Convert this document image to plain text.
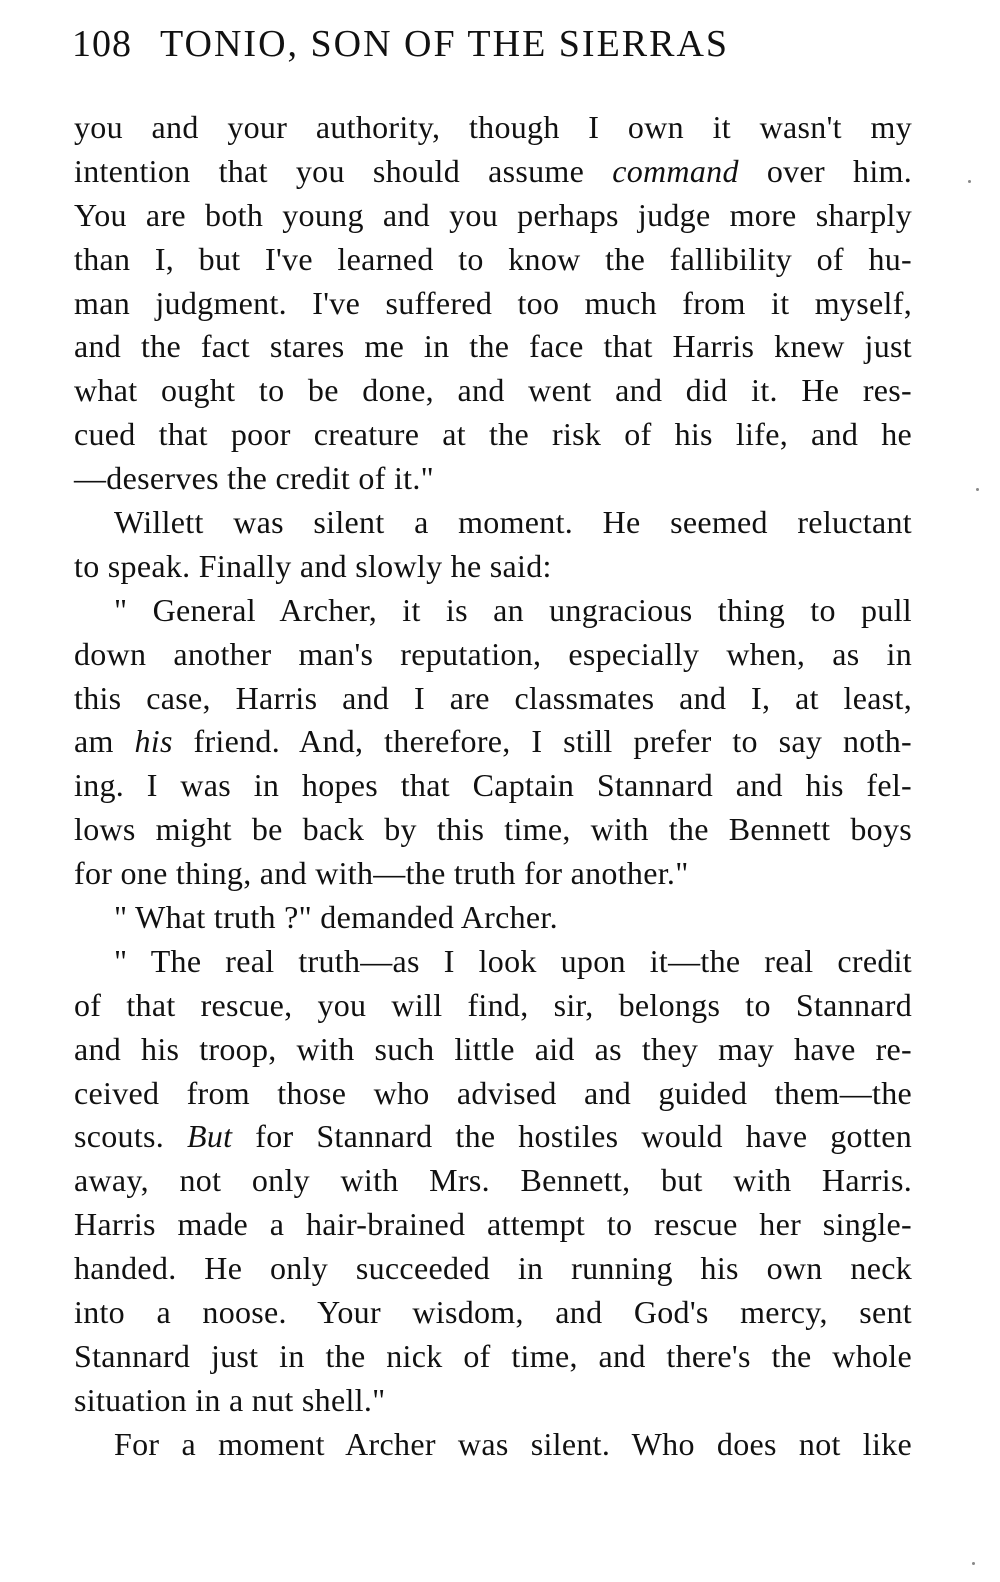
108 TONIO, SON OF THE SIERRAS
you and your authority, though I own it wasn't my
intention that you should assume command over him.
You are both young and you perhaps judge more sharply
than I, but I've learned to know the fallibility of hu-
man judgment. I've suffered too much from it myself,
and the fact stares me in the face that Harris knew just
what ought to be done, and went and did it. He res-
cued that poor creature at the risk of his life, and he
—deserves the credit of it."
Willett was silent a moment. He seemed reluctant
to speak. Finally and slowly he said:
" General Archer, it is an ungracious thing to pull
down another man's reputation, especially when, as in
this case, Harris and I are classmates and I, at least,
am his friend. And, therefore, I still prefer to say noth-
ing. I was in hopes that Captain Stannard and his fel-
lows might be back by this time, with the Bennett boys
for one thing, and with—the truth for another."
" What truth ?" demanded Archer.
" The real truth—as I look upon it—the real credit
of that rescue, you will find, sir, belongs to Stannard
and his troop, with such little aid as they may have re-
ceived from those who advised and guided them—the
scouts. But for Stannard the hostiles would have gotten
away, not only with Mrs. Bennett, but with Harris.
Harris made a hair-brained attempt to rescue her single-
handed. He only succeeded in running his own neck
into a noose. Your wisdom, and God's mercy, sent
Stannard just in the nick of time, and there's the whole
situation in a nut shell."
For a moment Archer was silent. Who does not like
